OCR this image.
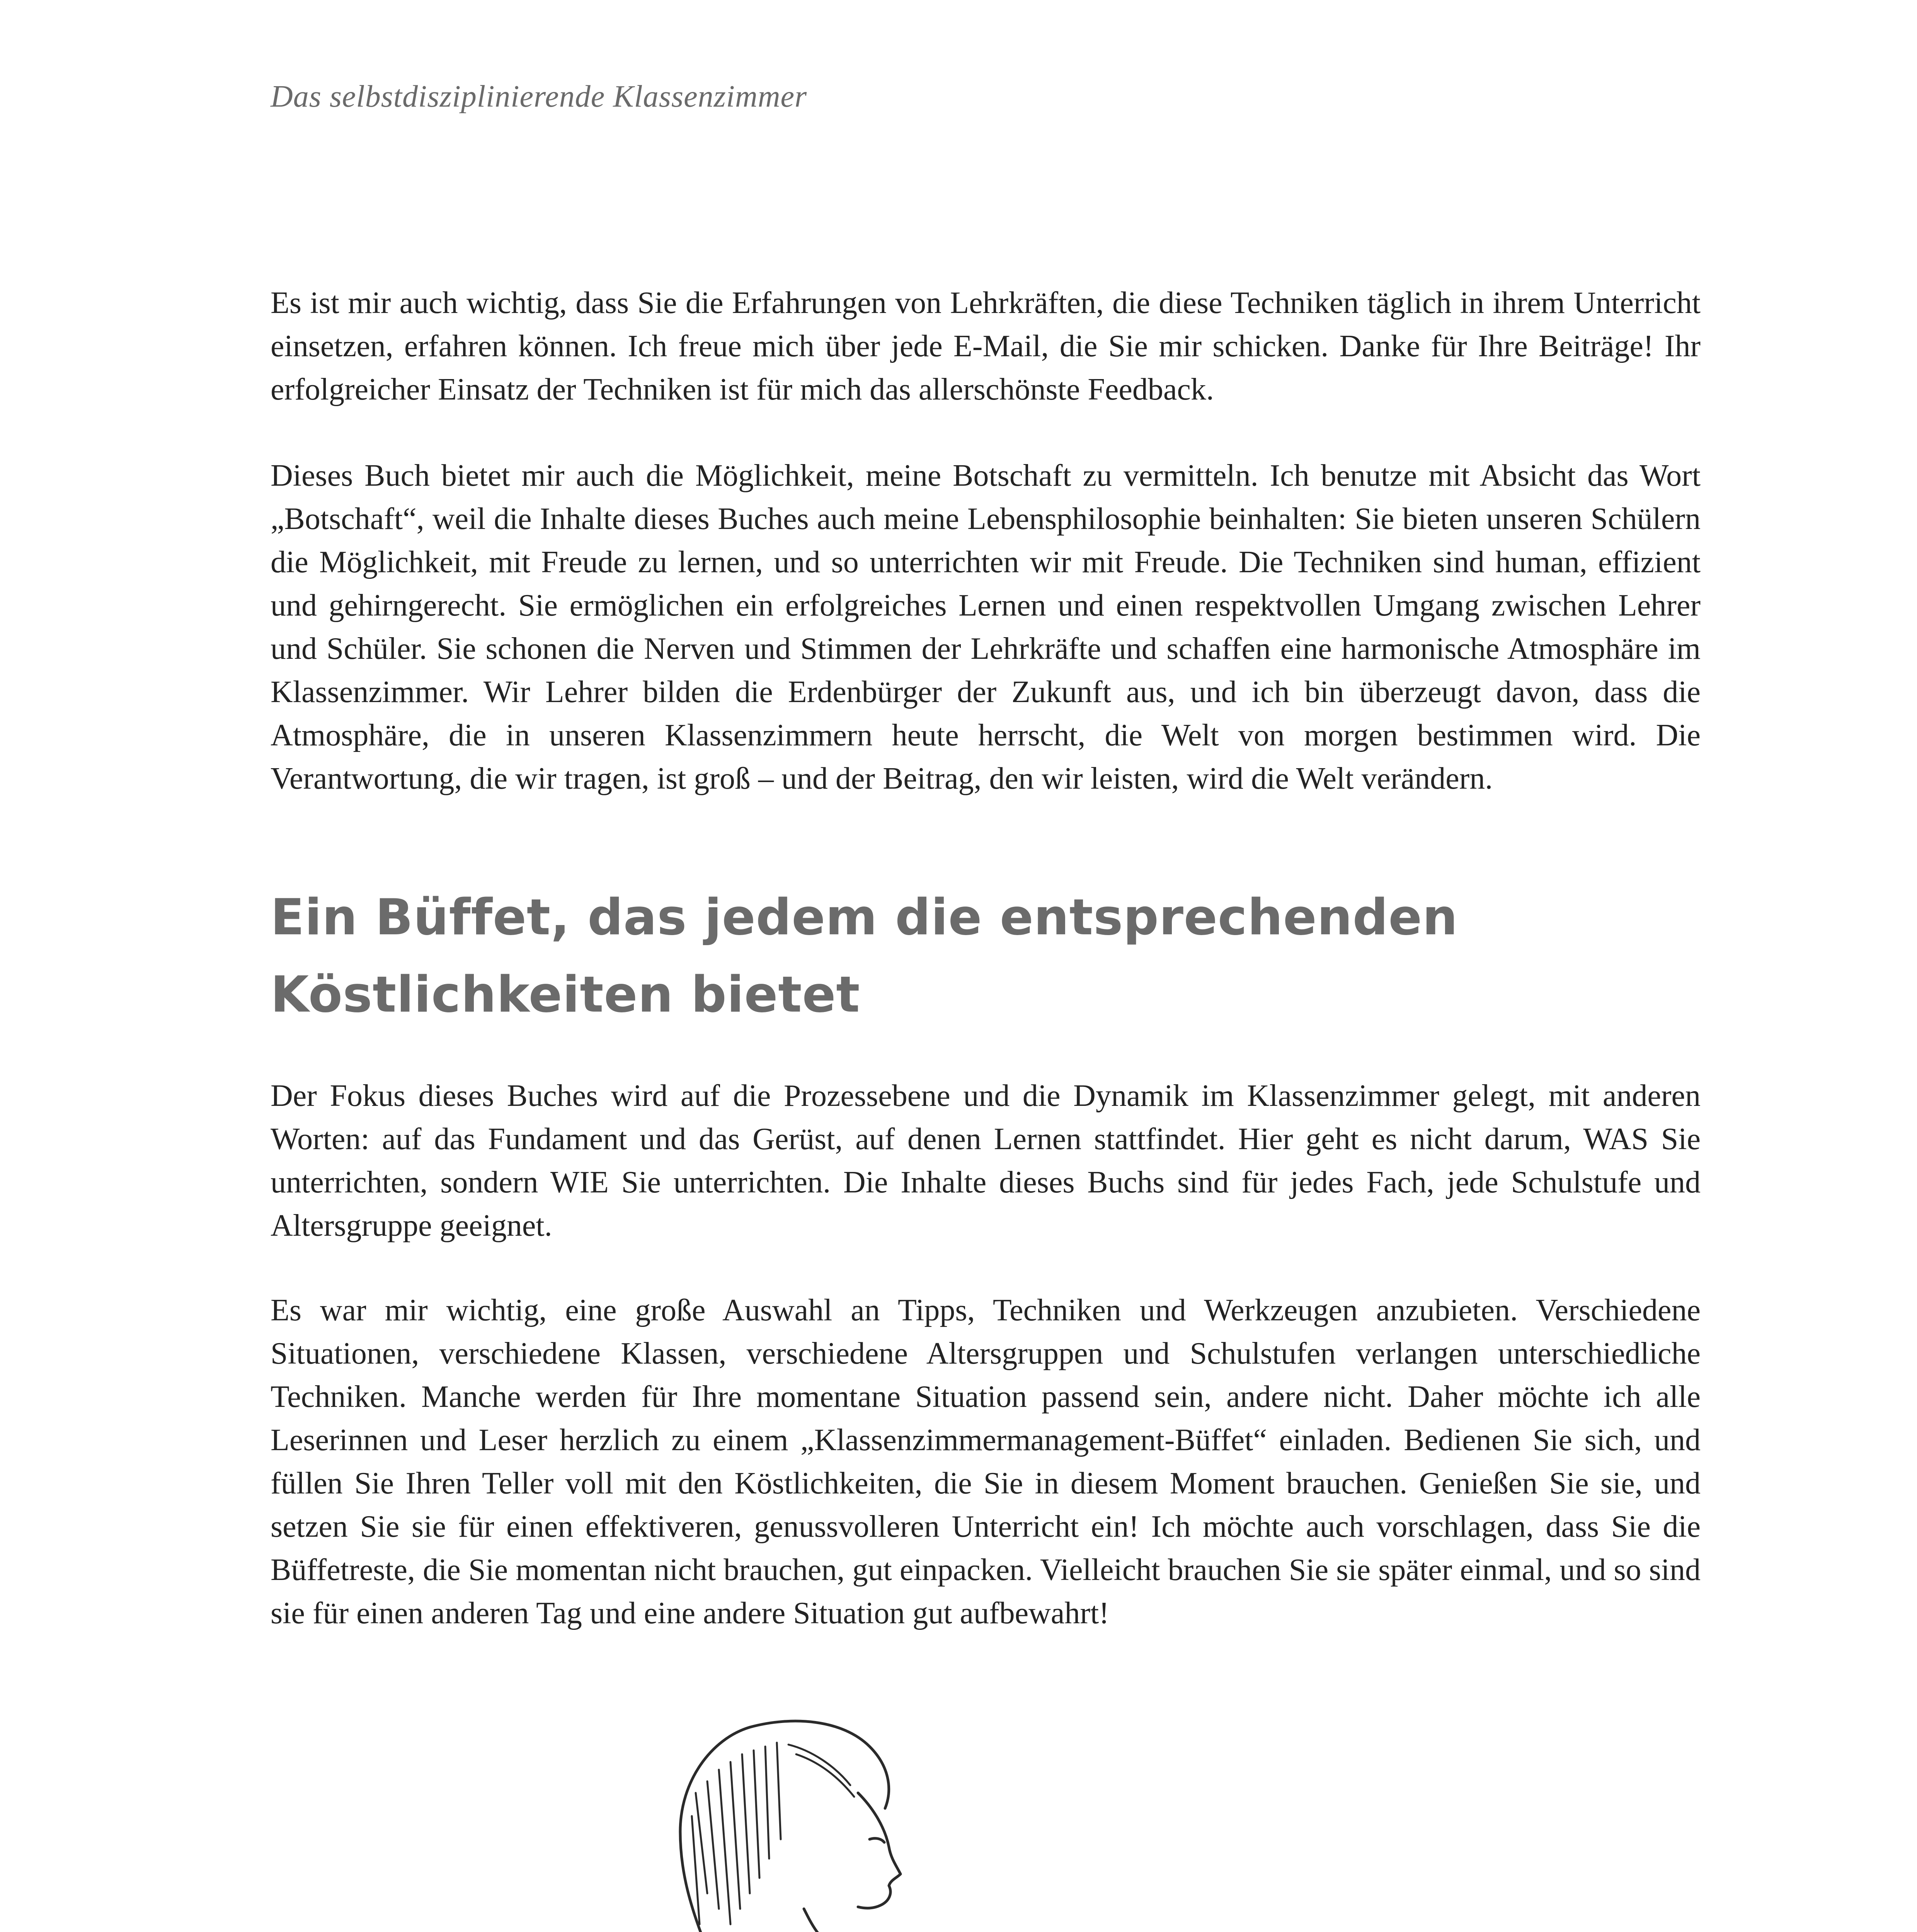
Das selbstdisziplinierende Klassenzimmer
Es ist mir auch wichtig, dass Sie die Erfahrungen von Lehrkräften, die diese Techniken täglich in ihrem Unterricht einsetzen, erfahren können. Ich freue mich über jede E-Mail, die Sie mir schicken. Danke für Ihre Beiträge! Ihr erfolgreicher Einsatz der Techniken ist für mich das allerschönste Feedback.
Dieses Buch bietet mir auch die Möglichkeit, meine Botschaft zu vermitteln. Ich benutze mit Absicht das Wort „Botschaft“, weil die Inhalte dieses Buches auch meine Lebensphilosophie beinhalten: Sie bieten unseren Schülern die Möglichkeit, mit Freude zu lernen, und so unterrichten wir mit Freude. Die Techniken sind human, effizient und gehirngerecht. Sie ermöglichen ein erfolgreiches Lernen und einen respektvollen Umgang zwischen Lehrer und Schüler. Sie schonen die Nerven und Stimmen der Lehrkräfte und schaffen eine harmonische Atmosphäre im Klassenzimmer. Wir Lehrer bilden die Erdenbürger der Zukunft aus, und ich bin überzeugt davon, dass die Atmosphäre, die in unseren Klassenzimmern heute herrscht, die Welt von morgen bestimmen wird. Die Verantwortung, die wir tragen, ist groß – und der Beitrag, den wir leisten, wird die Welt verändern.
Ein Büffet, das jedem die entsprechenden Köstlichkeiten bietet
Der Fokus dieses Buches wird auf die Prozessebene und die Dynamik im Klassenzimmer gelegt, mit anderen Worten: auf das Fundament und das Gerüst, auf denen Lernen stattfindet. Hier geht es nicht darum, WAS Sie unterrichten, sondern WIE Sie unterrichten. Die Inhalte dieses Buchs sind für jedes Fach, jede Schulstufe und Altersgruppe geeignet.
Es war mir wichtig, eine große Auswahl an Tipps, Techniken und Werkzeugen anzubieten. Verschiedene Situationen, verschiedene Klassen, verschiedene Altersgruppen und Schulstufen verlangen unterschiedliche Techniken. Manche werden für Ihre momentane Situation passend sein, andere nicht. Daher möchte ich alle Leserinnen und Leser herzlich zu einem „Klassenzimmermanagement-Büffet“ einladen. Bedienen Sie sich, und füllen Sie Ihren Teller voll mit den Köstlichkeiten, die Sie in diesem Moment brauchen. Genießen Sie sie, und setzen Sie sie für einen effektiveren, genussvolleren Unterricht ein! Ich möchte auch vorschlagen, dass Sie die Büffetreste, die Sie momentan nicht brauchen, gut einpacken. Vielleicht brauchen Sie sie später einmal, und so sind sie für einen anderen Tag und eine andere Situation gut aufbewahrt!
